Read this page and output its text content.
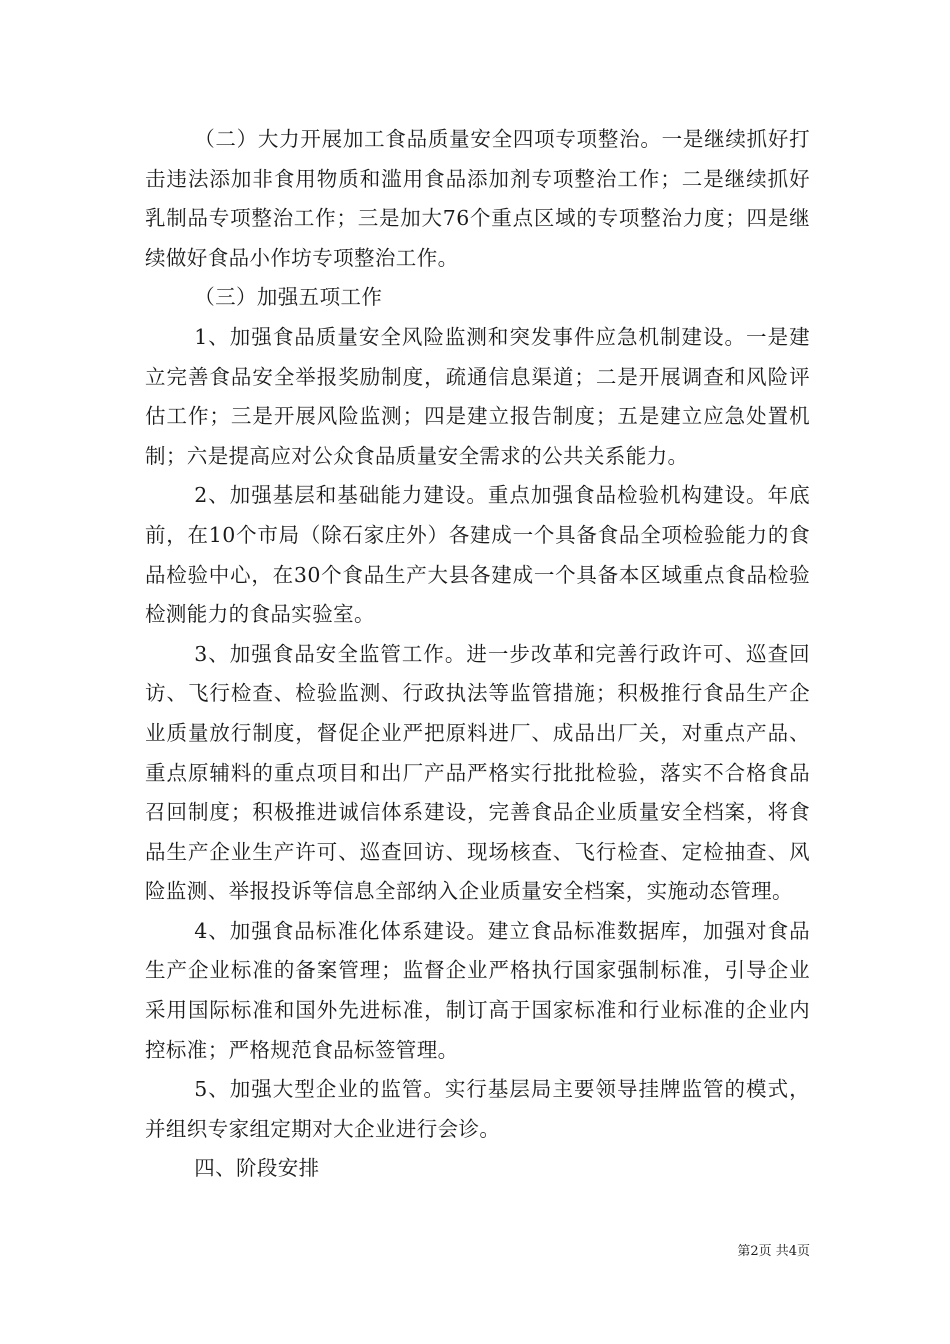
（二）大力开展加工食品质量安全四项专项整治。一是继续抓好打击违法添加非食用物质和滥用食品添加剂专项整治工作；二是继续抓好乳制品专项整治工作；三是加大76个重点区域的专项整治力度；四是继续做好食品小作坊专项整治工作。

（三）加强五项工作

1、加强食品质量安全风险监测和突发事件应急机制建设。一是建立完善食品安全举报奖励制度，疏通信息渠道；二是开展调查和风险评估工作；三是开展风险监测；四是建立报告制度；五是建立应急处置机制；六是提高应对公众食品质量安全需求的公共关系能力。

2、加强基层和基础能力建设。重点加强食品检验机构建设。年底前，在10个市局（除石家庄外）各建成一个具备食品全项检验能力的食品检验中心，在30个食品生产大县各建成一个具备本区域重点食品检验检测能力的食品实验室。

3、加强食品安全监管工作。进一步改革和完善行政许可、巡查回访、飞行检查、检验监测、行政执法等监管措施；积极推行食品生产企业质量放行制度，督促企业严把原料进厂、成品出厂关，对重点产品、重点原辅料的重点项目和出厂产品严格实行批批检验，落实不合格食品召回制度；积极推进诚信体系建设，完善食品企业质量安全档案，将食品生产企业生产许可、巡查回访、现场核查、飞行检查、定检抽查、风险监测、举报投诉等信息全部纳入企业质量安全档案，实施动态管理。

4、加强食品标准化体系建设。建立食品标准数据库，加强对食品生产企业标准的备案管理；监督企业严格执行国家强制标准，引导企业采用国际标准和国外先进标准，制订高于国家标准和行业标准的企业内控标准；严格规范食品标签管理。

5、加强大型企业的监管。实行基层局主要领导挂牌监管的模式，并组织专家组定期对大企业进行会诊。

四、阶段安排

第2页 共4页
